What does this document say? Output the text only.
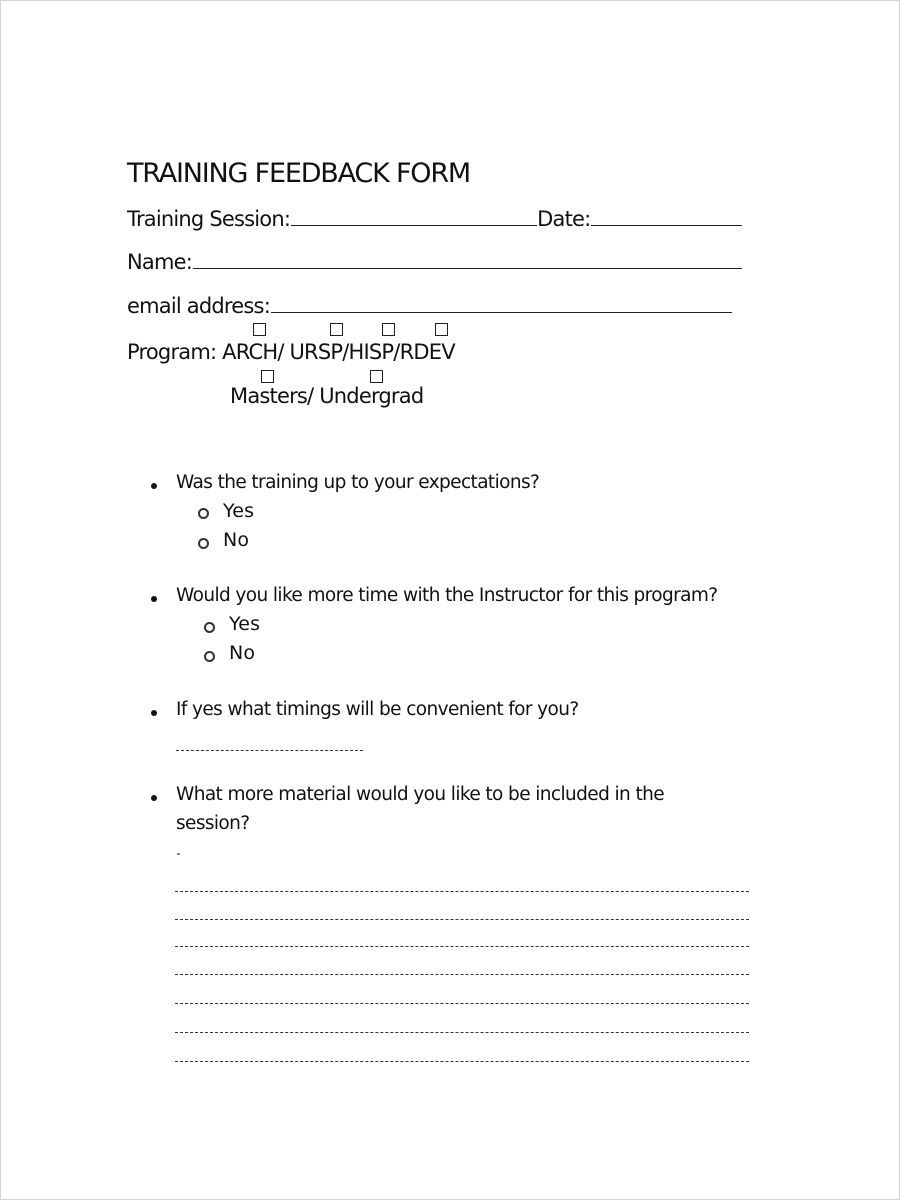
TRAINING FEEDBACK FORM
Training Session:	Date:
Name:
email address:
Program: ARCH/ URSP/HISP/RDEV
Masters/ Undergrad
Was the training up to your expectations?
Yes
No
Would you like more time with the Instructor for this program?
Yes
No
If yes what timings will be convenient for you?
What more material would you like to be included in the
session?
